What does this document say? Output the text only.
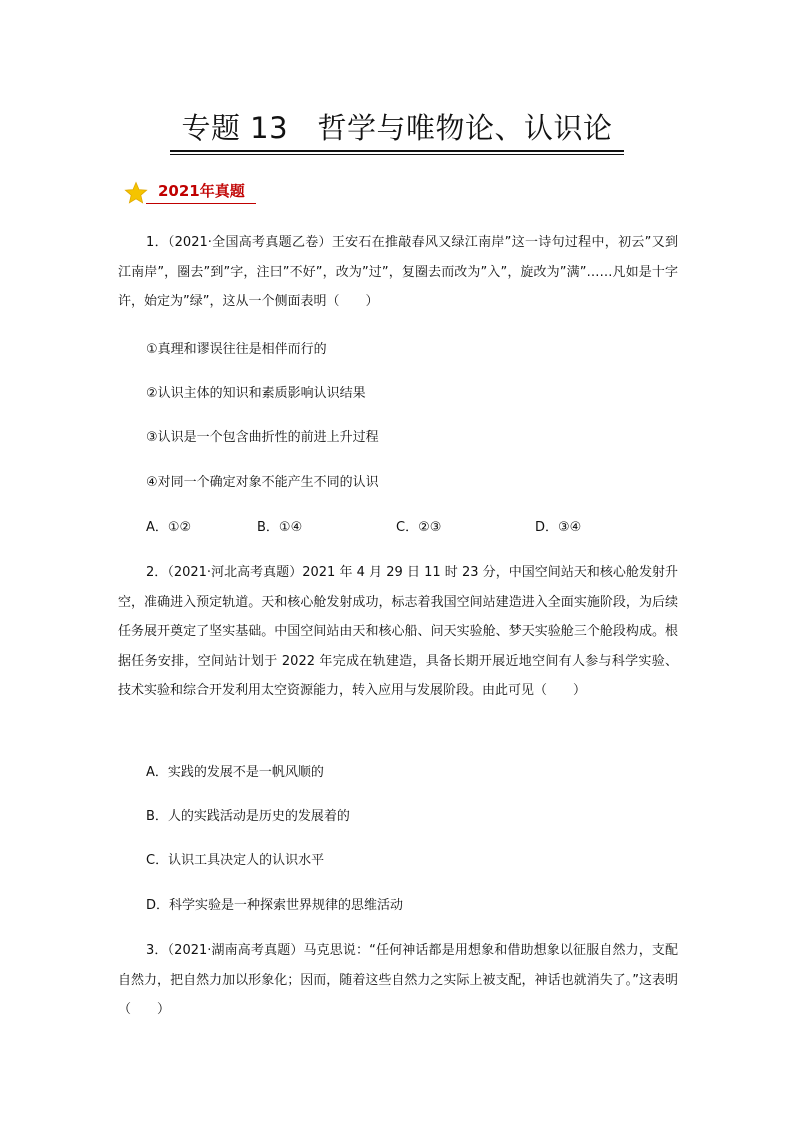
专题 13　哲学与唯物论、认识论
2021年真题

1．（2021·全国高考真题乙卷）王安石在推敲春风又绿江南岸”这一诗句过程中，初云”又到江南岸”，圈去”到”字，注曰”不好”，改为”过”，复圈去而改为”入”，旋改为”满”……凡如是十字许，始定为”绿”，这从一个侧面表明（　　）

①真理和谬误往往是相伴而行的
②认识主体的知识和素质影响认识结果
③认识是一个包含曲折性的前进上升过程
④对同一个确定对象不能产生不同的认识
A．①②	B．①④	C．②③	D．③④

2．（2021·河北高考真题）2021 年 4 月 29 日 11 时 23 分，中国空间站天和核心舱发射升空，准确进入预定轨道。天和核心舱发射成功，标志着我国空间站建造进入全面实施阶段，为后续任务展开奠定了坚实基础。中国空间站由天和核心船、问天实验舱、梦天实验舱三个舱段构成。根据任务安排，空间站计划于 2022 年完成在轨建造，具备长期开展近地空间有人参与科学实验、技术实验和综合开发利用太空资源能力，转入应用与发展阶段。由此可见（　　）

A．实践的发展不是一帆风顺的
B．人的实践活动是历史的发展着的
C．认识工具决定人的认识水平
D．科学实验是一种探索世界规律的思维活动

3．（2021·湖南高考真题）马克思说：“任何神话都是用想象和借助想象以征服自然力，支配自然力，把自然力加以形象化；因而，随着这些自然力之实际上被支配，神话也就消失了。”这表明（　　）
